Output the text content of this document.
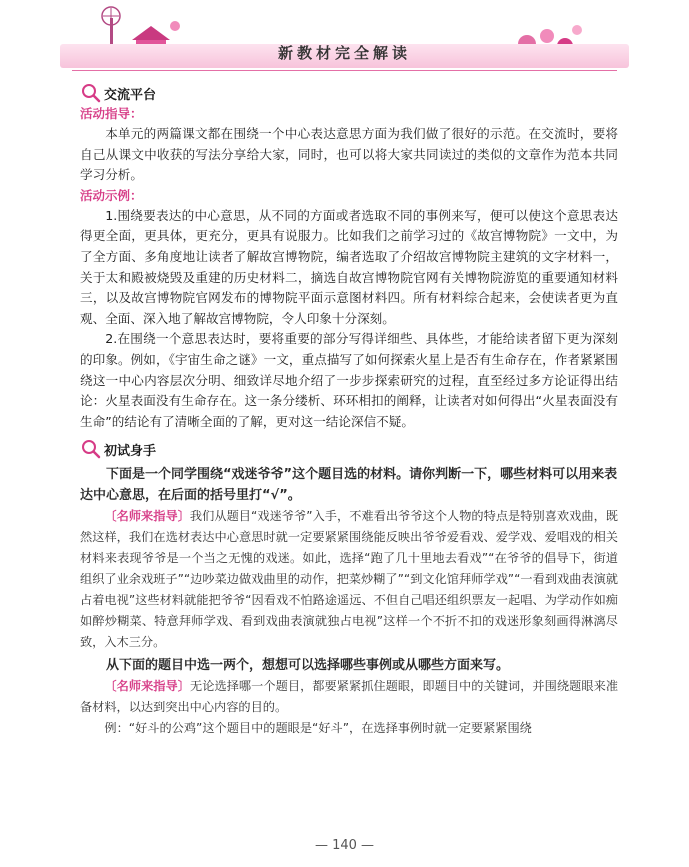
新教材完全解读
交流平台
活动指导：

本单元的两篇课文都在围绕一个中心表达意思方面为我们做了很好的示范。在交流时，要将自己从课文中收获的写法分享给大家，同时，也可以将大家共同读过的类似的文章作为范本共同学习分析。

活动示例：

1.围绕要表达的中心意思，从不同的方面或者选取不同的事例来写，便可以使这个意思表达得更全面，更具体，更充分，更具有说服力。比如我们之前学习过的《故宫博物院》一文中，为了全方面、多角度地让读者了解故宫博物院，编者选取了介绍故宫博物院主建筑的文字材料一，关于太和殿被烧毁及重建的历史材料二，摘选自故宫博物院官网有关博物院游览的重要通知材料三，以及故宫博物院官网发布的博物院平面示意图材料四。所有材料综合起来，会使读者更为直观、全面、深入地了解故宫博物院，令人印象十分深刻。

2.在围绕一个意思表达时，要将重要的部分写得详细些、具体些，才能给读者留下更为深刻的印象。例如，《宇宙生命之谜》一文，重点描写了如何探索火星上是否有生命存在，作者紧紧围绕这一中心内容层次分明、细致详尽地介绍了一步步探索研究的过程，直至经过多方论证得出结论：火星表面没有生命存在。这一条分缕析、环环相扣的阐释，让读者对如何得出“火星表面没有生命”的结论有了清晰全面的了解，更对这一结论深信不疑。

初试身手

下面是一个同学围绕“戏迷爷爷”这个题目选的材料。请你判断一下，哪些材料可以用来表达中心意思，在后面的括号里打“√”。

〔名师来指导〕我们从题目“戏迷爷爷”入手，不难看出爷爷这个人物的特点是特别喜欢戏曲，既然这样，我们在选材表达中心意思时就一定要紧紧围绕能反映出爷爷爱看戏、爱学戏、爱唱戏的相关材料来表现爷爷是一个当之无愧的戏迷。如此，选择“跑了几十里地去看戏”“在爷爷的倡导下，街道组织了业余戏班子”“边吵菜边做戏曲里的动作，把菜炒糊了”“到文化馆拜师学戏”“一看到戏曲表演就占着电视”这些材料就能把爷爷“因看戏不怕路途遥远、不但自己唱还组织票友一起唱、为学动作如痴如醉炒糊菜、特意拜师学戏、看到戏曲表演就独占电视”这样一个不折不扣的戏迷形象刻画得淋漓尽致，入木三分。

从下面的题目中选一两个，想想可以选择哪些事例或从哪些方面来写。

〔名师来指导〕无论选择哪一个题目，都要紧紧抓住题眼，即题目中的关键词，并围绕题眼来准备材料，以达到突出中心内容的目的。

例：“好斗的公鸡”这个题目中的题眼是“好斗”，在选择事例时就一定要紧紧围绕

— 140 —
